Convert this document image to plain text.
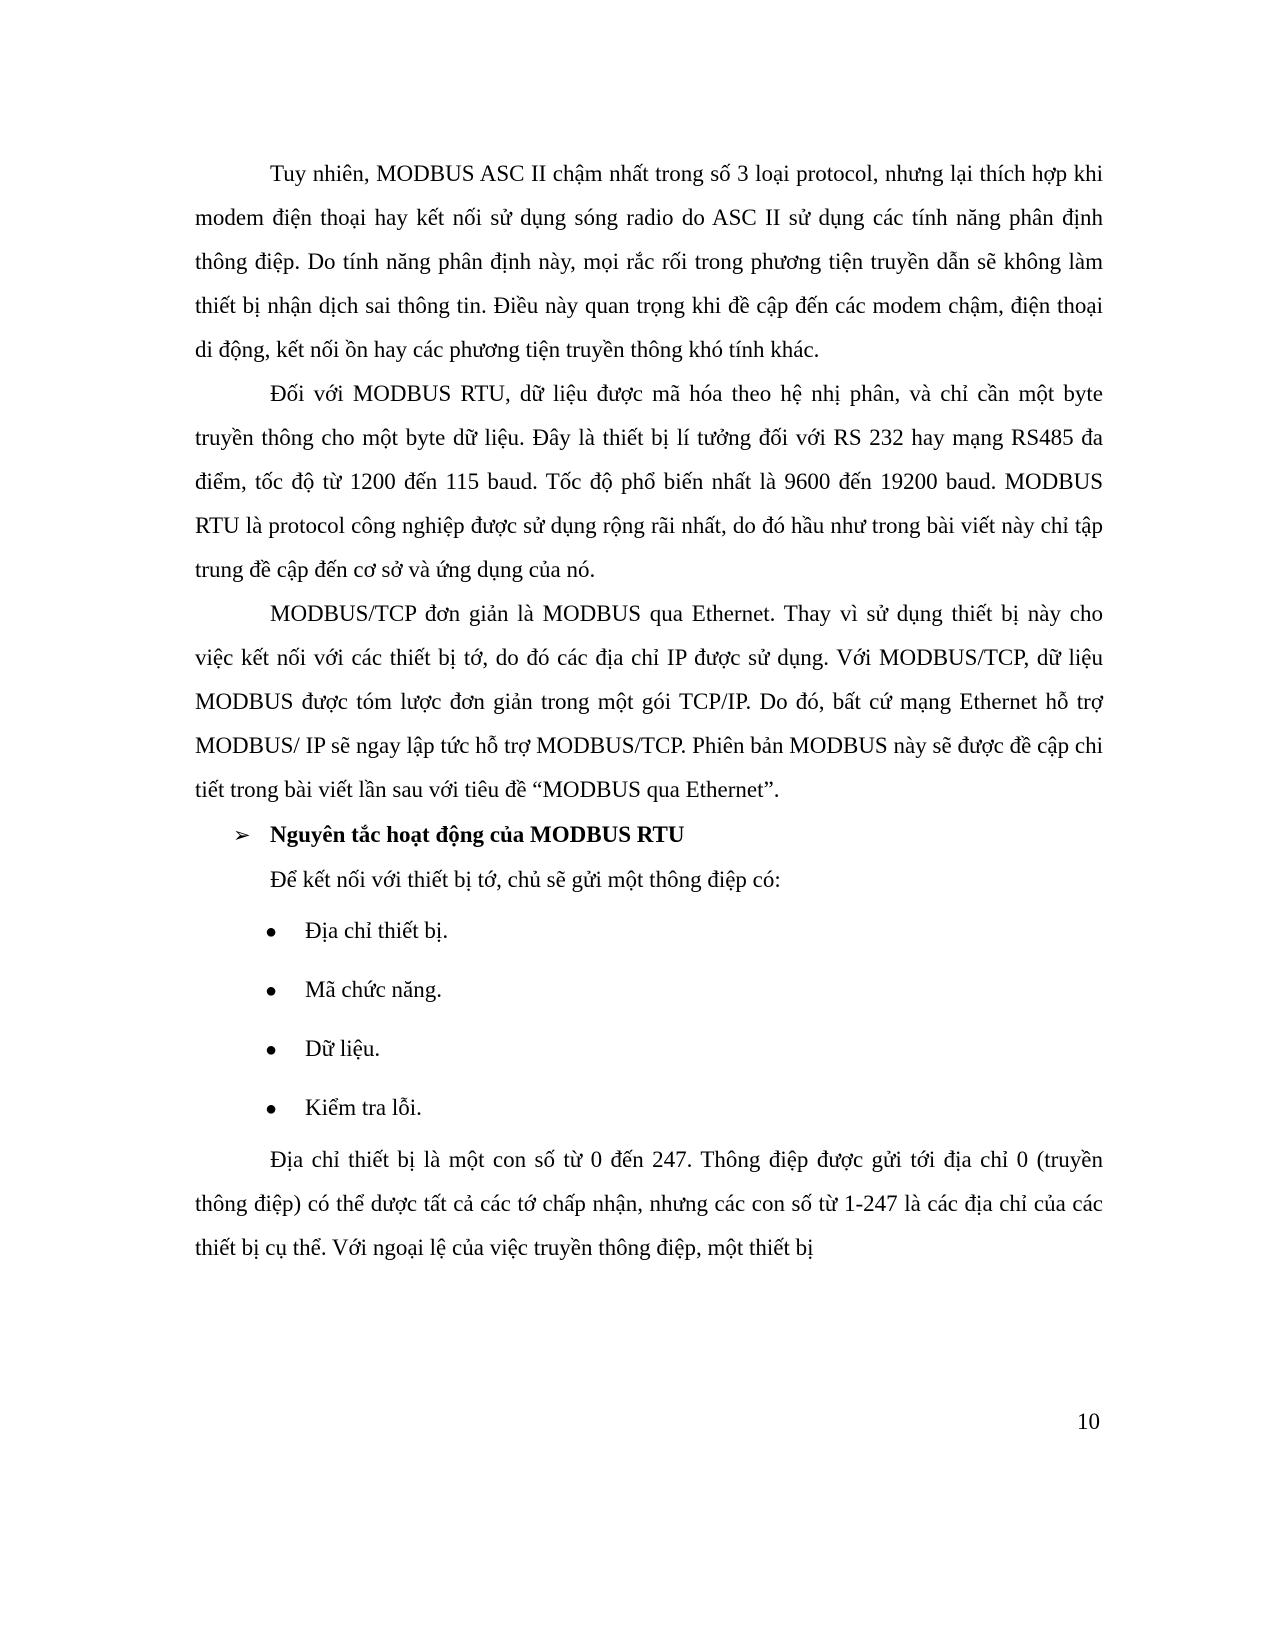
Tuy nhiên, MODBUS ASC II chậm nhất trong số 3 loại protocol, nhưng lại thích hợp khi modem điện thoại hay kết nối sử dụng sóng radio do ASC II sử dụng các tính năng phân định thông điệp. Do tính năng phân định này, mọi rắc rối trong phương tiện truyền dẫn sẽ không làm thiết bị nhận dịch sai thông tin. Điều này quan trọng khi đề cập đến các modem chậm, điện thoại di động, kết nối ồn hay các phương tiện truyền thông khó tính khác.

Đối với MODBUS RTU, dữ liệu được mã hóa theo hệ nhị phân, và chỉ cần một byte truyền thông cho một byte dữ liệu. Đây là thiết bị lí tưởng đối với RS 232 hay mạng RS485 đa điểm, tốc độ từ 1200 đến 115 baud. Tốc độ phổ biến nhất là 9600 đến 19200 baud. MODBUS RTU là protocol công nghiệp được sử dụng rộng rãi nhất, do đó hầu như trong bài viết này chỉ tập trung đề cập đến cơ sở và ứng dụng của nó.

MODBUS/TCP đơn giản là MODBUS qua Ethernet. Thay vì sử dụng thiết bị này cho việc kết nối với các thiết bị tớ, do đó các địa chỉ IP được sử dụng. Với MODBUS/TCP, dữ liệu MODBUS được tóm lược đơn giản trong một gói TCP/IP. Do đó, bất cứ mạng Ethernet hỗ trợ MODBUS/ IP sẽ ngay lập tức hỗ trợ MODBUS/TCP. Phiên bản MODBUS này sẽ được đề cập chi tiết trong bài viết lần sau với tiêu đề “MODBUS qua Ethernet”.

➢ Nguyên tắc hoạt động của MODBUS RTU

Để kết nối với thiết bị tớ, chủ sẽ gửi một thông điệp có:

●	Địa chỉ thiết bị.
●	Mã chức năng.
●	Dữ liệu.
●	Kiểm tra lỗi.

Địa chỉ thiết bị là một con số từ 0 đến 247. Thông điệp được gửi tới địa chỉ 0 (truyền thông điệp) có thể dược tất cả các tớ chấp nhận, nhưng các con số từ 1-247 là các địa chỉ của các thiết bị cụ thể. Với ngoại lệ của việc truyền thông điệp, một thiết bị

10
